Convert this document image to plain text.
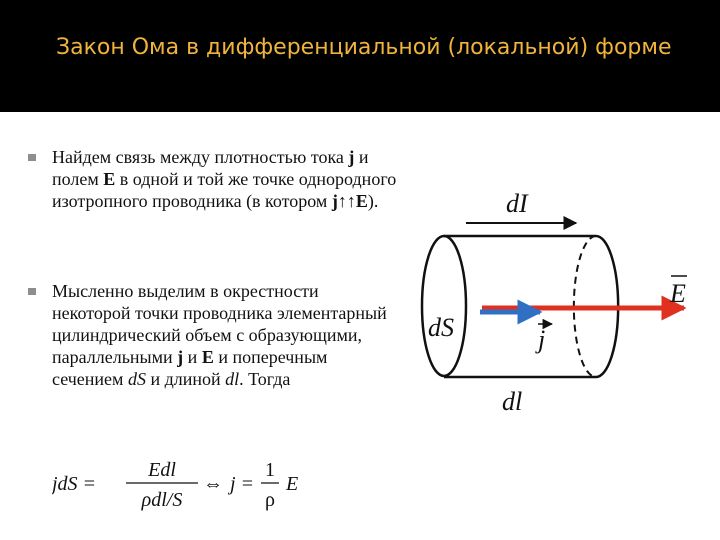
Закон Ома в дифференциальной (локальной) форме
Найдем связь между плотностью тока j и полем E в одной и той же точке однородного изотропного проводника (в котором j↑↑E).
Мысленно выделим в окрестности некоторой точки проводника элементарный цилиндрический объем с образующими, параллельными j и E и поперечным сечением dS и длиной dl. Тогда
jdS =
Edl
ρdl/S
⇔ j =
1
ρ
E
dI
dS	j
E
dl
